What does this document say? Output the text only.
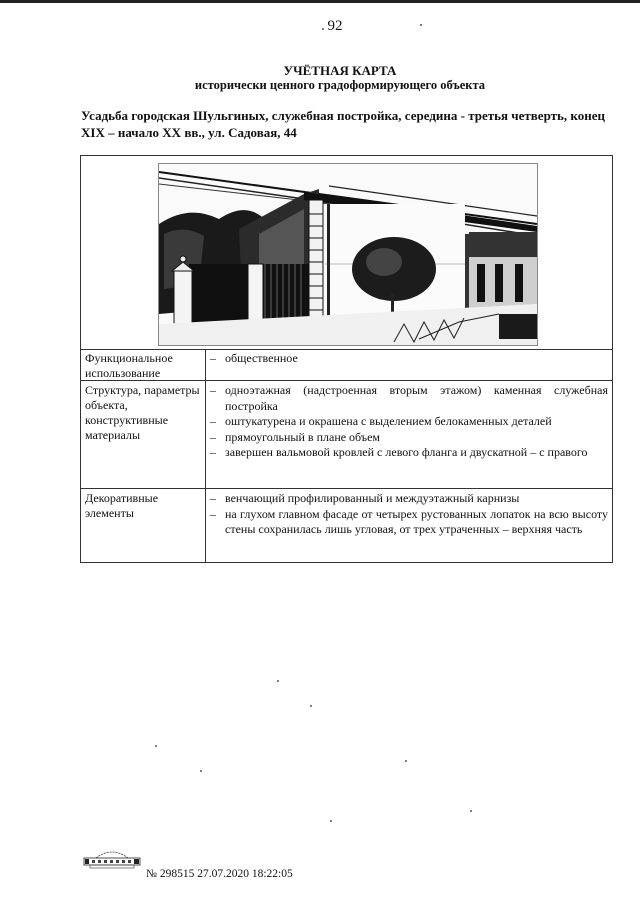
92
УЧЁТНАЯ КАРТА
исторически ценного градоформирующего объекта
Усадьба городская Шульгиных, служебная постройка, середина - третья четверть, конец XIX – начало XX вв., ул. Садовая, 44
Функциональное использование
– общественное
Структура, параметры объекта, конструктивные материалы
– одноэтажная (надстроенная вторым этажом) каменная служебная постройка
– оштукатурена и окрашена с выделением белокаменных деталей
– прямоугольный в плане объем
– завершен вальмовой кровлей с левого фланга и двускатной – с правого
Декоративные элементы
– венчающий профилированный и междуэтажный карнизы
– на глухом главном фасаде от четырех рустованных лопаток на всю высоту стены сохранилась лишь угловая, от трех утраченных – верхняя часть
№ 298515 27.07.2020 18:22:05
